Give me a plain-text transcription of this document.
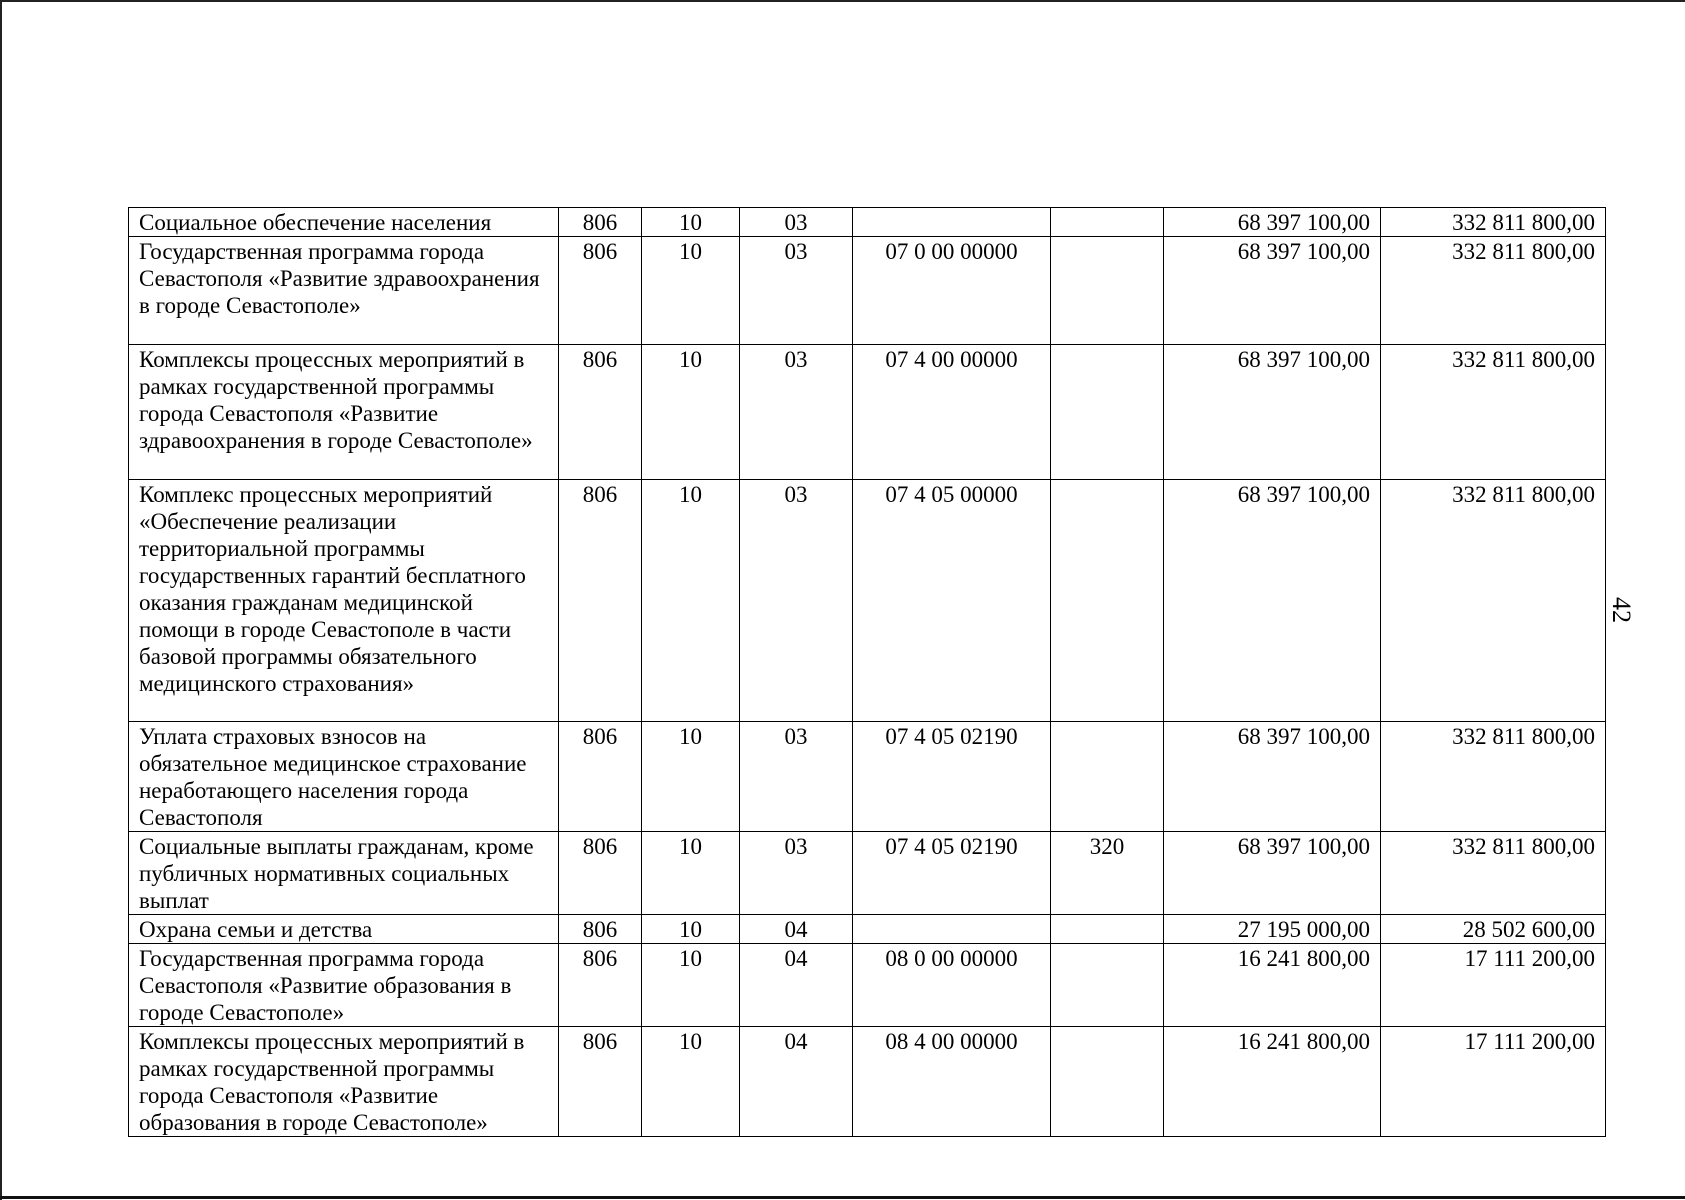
Социальное обеспечение населения	806	10	03			68 397 100,00	332 811 800,00
Государственная программа города Севастополя «Развитие здравоохранения в городе Севастополе»	806	10	03	07 0 00 00000		68 397 100,00	332 811 800,00
Комплексы процессных мероприятий в рамках государственной программы города Севастополя «Развитие здравоохранения в городе Севастополе»	806	10	03	07 4 00 00000		68 397 100,00	332 811 800,00
Комплекс процессных мероприятий «Обеспечение реализации территориальной программы государственных гарантий бесплатного оказания гражданам медицинской помощи в городе Севастополе в части базовой программы обязательного медицинского страхования»	806	10	03	07 4 05 00000		68 397 100,00	332 811 800,00
Уплата страховых взносов на обязательное медицинское страхование неработающего населения города Севастополя	806	10	03	07 4 05 02190		68 397 100,00	332 811 800,00
Социальные выплаты гражданам, кроме публичных нормативных социальных выплат	806	10	03	07 4 05 02190	320	68 397 100,00	332 811 800,00
Охрана семьи и детства	806	10	04			27 195 000,00	28 502 600,00
Государственная программа города Севастополя «Развитие образования в городе Севастополе»	806	10	04	08 0 00 00000		16 241 800,00	17 111 200,00
Комплексы процессных мероприятий в рамках государственной программы города Севастополя «Развитие образования в городе Севастополе»	806	10	04	08 4 00 00000		16 241 800,00	17 111 200,00
42
